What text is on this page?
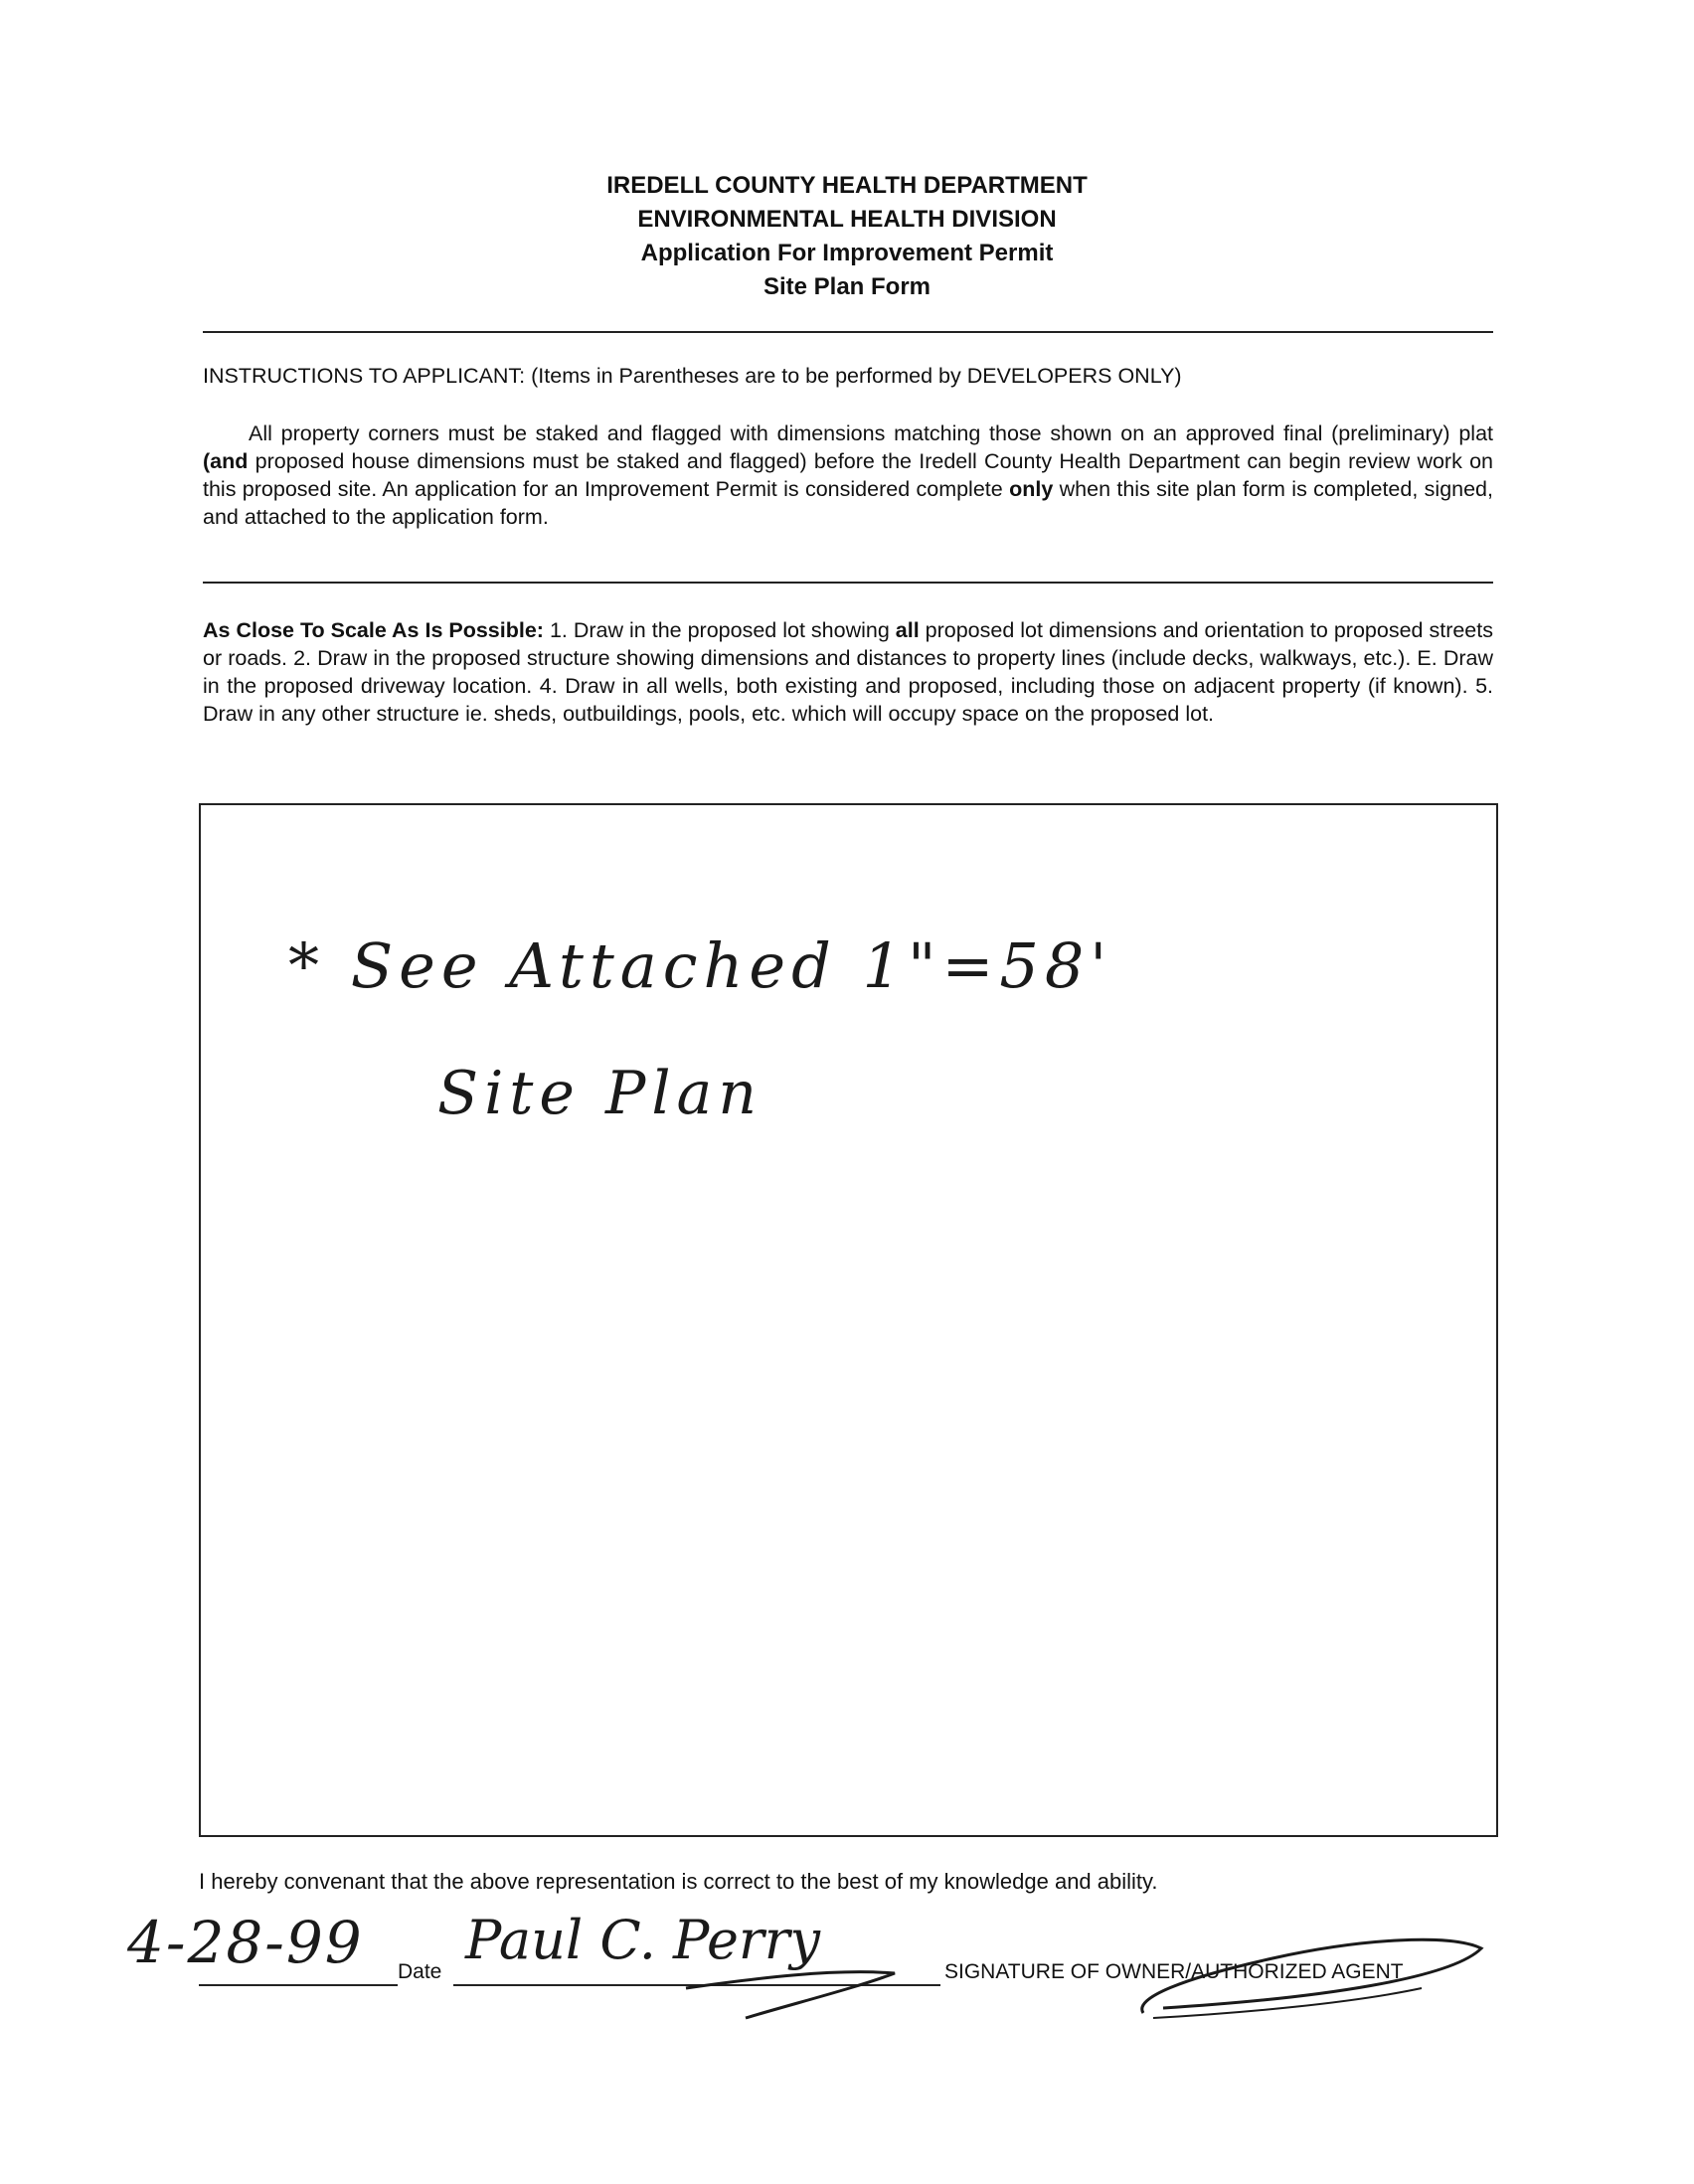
IREDELL COUNTY HEALTH DEPARTMENT
ENVIRONMENTAL HEALTH DIVISION
Application For Improvement Permit
Site Plan Form
INSTRUCTIONS TO APPLICANT: (Items in Parentheses are to be performed by DEVELOPERS ONLY)
All property corners must be staked and flagged with dimensions matching those shown on an approved final (preliminary) plat (and proposed house dimensions must be staked and flagged) before the Iredell County Health Department can begin review work on this proposed site. An application for an Improvement Permit is considered complete only when this site plan form is completed, signed, and attached to the application form.
As Close To Scale As Is Possible: 1. Draw in the proposed lot showing all proposed lot dimensions and orientation to proposed streets or roads. 2. Draw in the proposed structure showing dimensions and distances to property lines (include decks, walkways, etc.). E. Draw in the proposed driveway location. 4. Draw in all wells, both existing and proposed, including those on adjacent property (if known). 5. Draw in any other structure ie. sheds, outbuildings, pools, etc. which will occupy space on the proposed lot.
* See Attached 1"=58'
Site Plan
I hereby convenant that the above representation is correct to the best of my knowledge and ability.
4-28-99 Date
Paul C. Perry
SIGNATURE OF OWNER/AUTHORIZED AGENT
